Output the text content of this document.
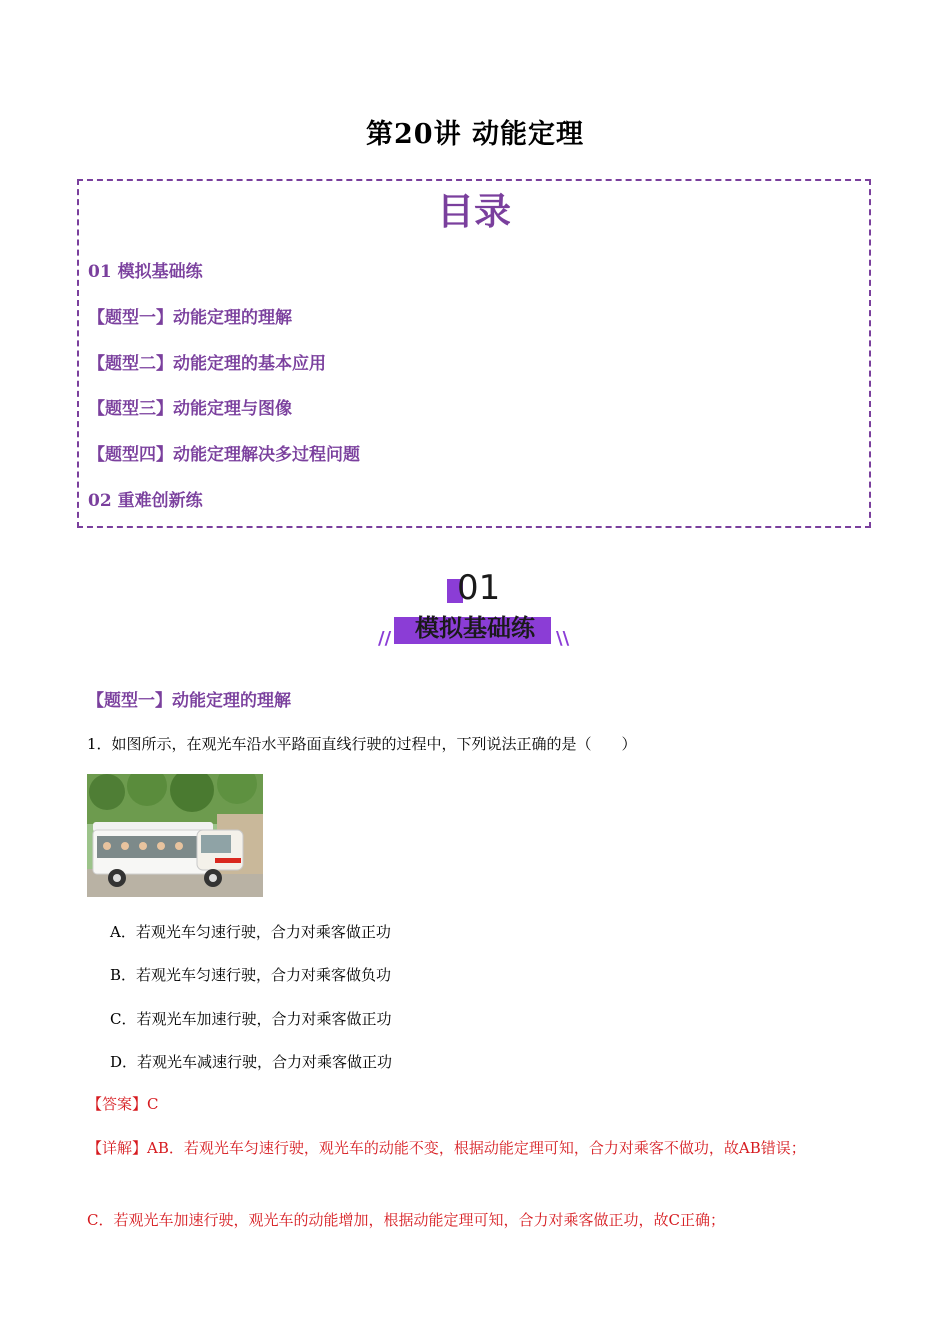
第20讲 动能定理
目录
01 模拟基础练
【题型一】动能定理的理解
【题型二】动能定理的基本应用
【题型三】动能定理与图像
【题型四】动能定理解决多过程问题
02 重难创新练
01
模拟基础练
//	\\
【题型一】动能定理的理解
1．如图所示，在观光车沿水平路面直线行驶的过程中，下列说法正确的是（　　）
A．若观光车匀速行驶，合力对乘客做正功
B．若观光车匀速行驶，合力对乘客做负功
C．若观光车加速行驶，合力对乘客做正功
D．若观光车减速行驶，合力对乘客做正功
【答案】C
【详解】AB．若观光车匀速行驶，观光车的动能不变，根据动能定理可知，合力对乘客不做功，故AB错误；
C．若观光车加速行驶，观光车的动能增加，根据动能定理可知，合力对乘客做正功，故C正确；
